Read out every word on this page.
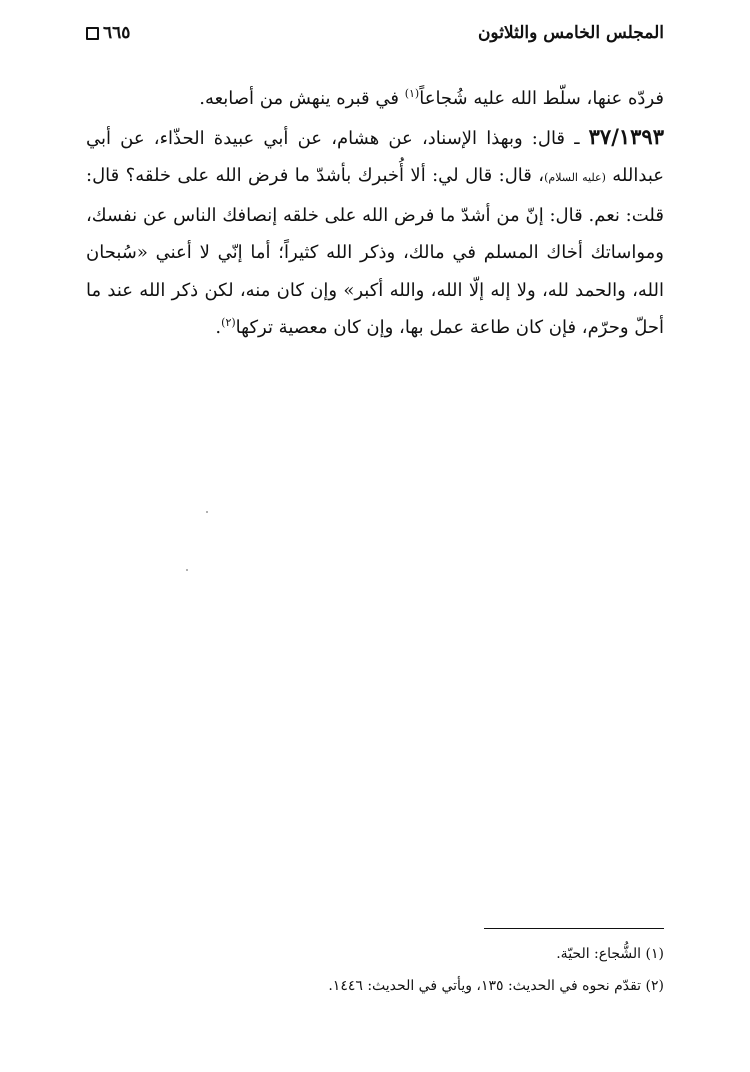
المجلس الخامس والثلاثون
٦٦٥

فردّه عنها، سلّط الله عليه شُجاعاً$^{(١)}$ في قبره ينهش من أصابعه.

٣٧/١٣٩٣ ـ قال: وبهذا الإسناد، عن هشام، عن أبي عبيدة الحذّاء، عن أبي عبدالله (عليه السلام)، قال: قال لي: ألا أُخبرك بأشدّ ما فرض الله على خلقه؟ قال: قلت: نعم. قال: إنّ من أشدّ ما فرض الله على خلقه إنصافك الناس عن نفسك، ومواساتك أخاك المسلم في مالك، وذكر الله كثيراً؛ أما إنّي لا أعني «سُبحان الله، والحمد لله، ولا إله إلّا الله، والله أكبر» وإن كان منه، لكن ذكر الله عند ما أحلّ وحرّم، فإن كان طاعة عمل بها، وإن كان معصية تركها$^{(٢)}$.

(١) الشُّجاع: الحيّة.
(٢) تقدّم نحوه في الحديث: ١٣٥، ويأتي في الحديث: ١٤٤٦.
